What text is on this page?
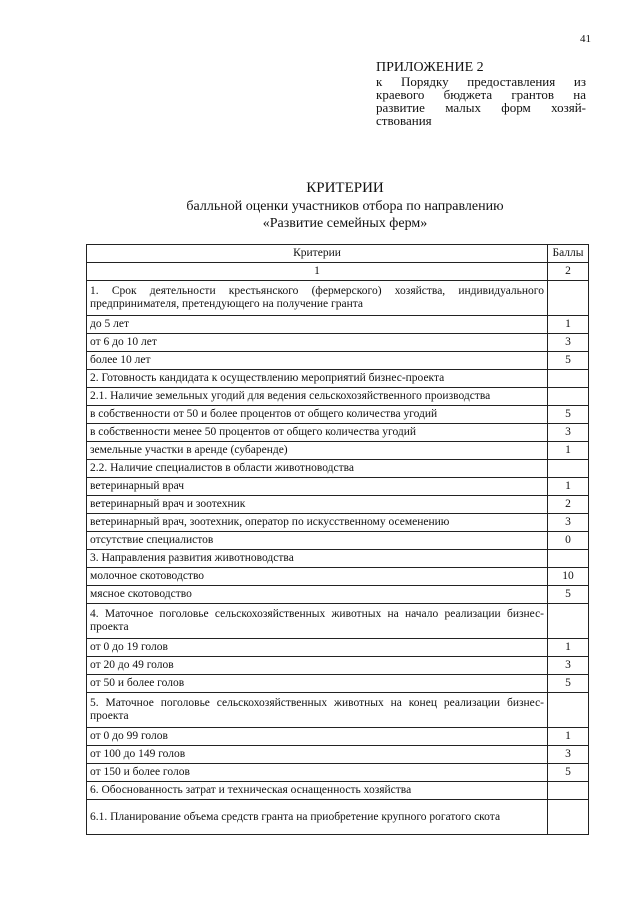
41
ПРИЛОЖЕНИЕ 2
к Порядку предоставления из
краевого бюджета грантов на
развитие малых форм хозяй-
ствования
КРИТЕРИИ
балльной оценки участников отбора по направлению
«Развитие семейных ферм»
Критерии	Баллы
1	2
1. Срок деятельности крестьянского (фермерского) хозяйства, индивидуального предпринимателя, претендующего на получение гранта	
до 5 лет	1
от 6 до 10 лет	3
более 10 лет	5
2. Готовность кандидата к осуществлению мероприятий бизнес-проекта	
2.1. Наличие земельных угодий для ведения сельскохозяйственного производства	
в собственности от 50 и более процентов от общего количества угодий	5
в собственности менее 50 процентов от общего количества угодий	3
земельные участки в аренде (субаренде)	1
2.2. Наличие специалистов в области животноводства	
ветеринарный врач	1
ветеринарный врач и зоотехник	2
ветеринарный врач, зоотехник, оператор по искусственному осеменению	3
отсутствие специалистов	0
3. Направления развития животноводства	
молочное скотоводство	10
мясное скотоводство	5
4. Маточное поголовье сельскохозяйственных животных на начало реализации бизнес-проекта	
от 0 до 19 голов	1
от 20 до 49 голов	3
от 50 и более голов	5
5. Маточное поголовье сельскохозяйственных животных на конец реализации бизнес-проекта	
от 0 до 99 голов	1
от 100 до 149 голов	3
от 150 и более голов	5
6. Обоснованность затрат и техническая оснащенность хозяйства	
6.1. Планирование объема средств гранта на приобретение крупного рогатого скота	
